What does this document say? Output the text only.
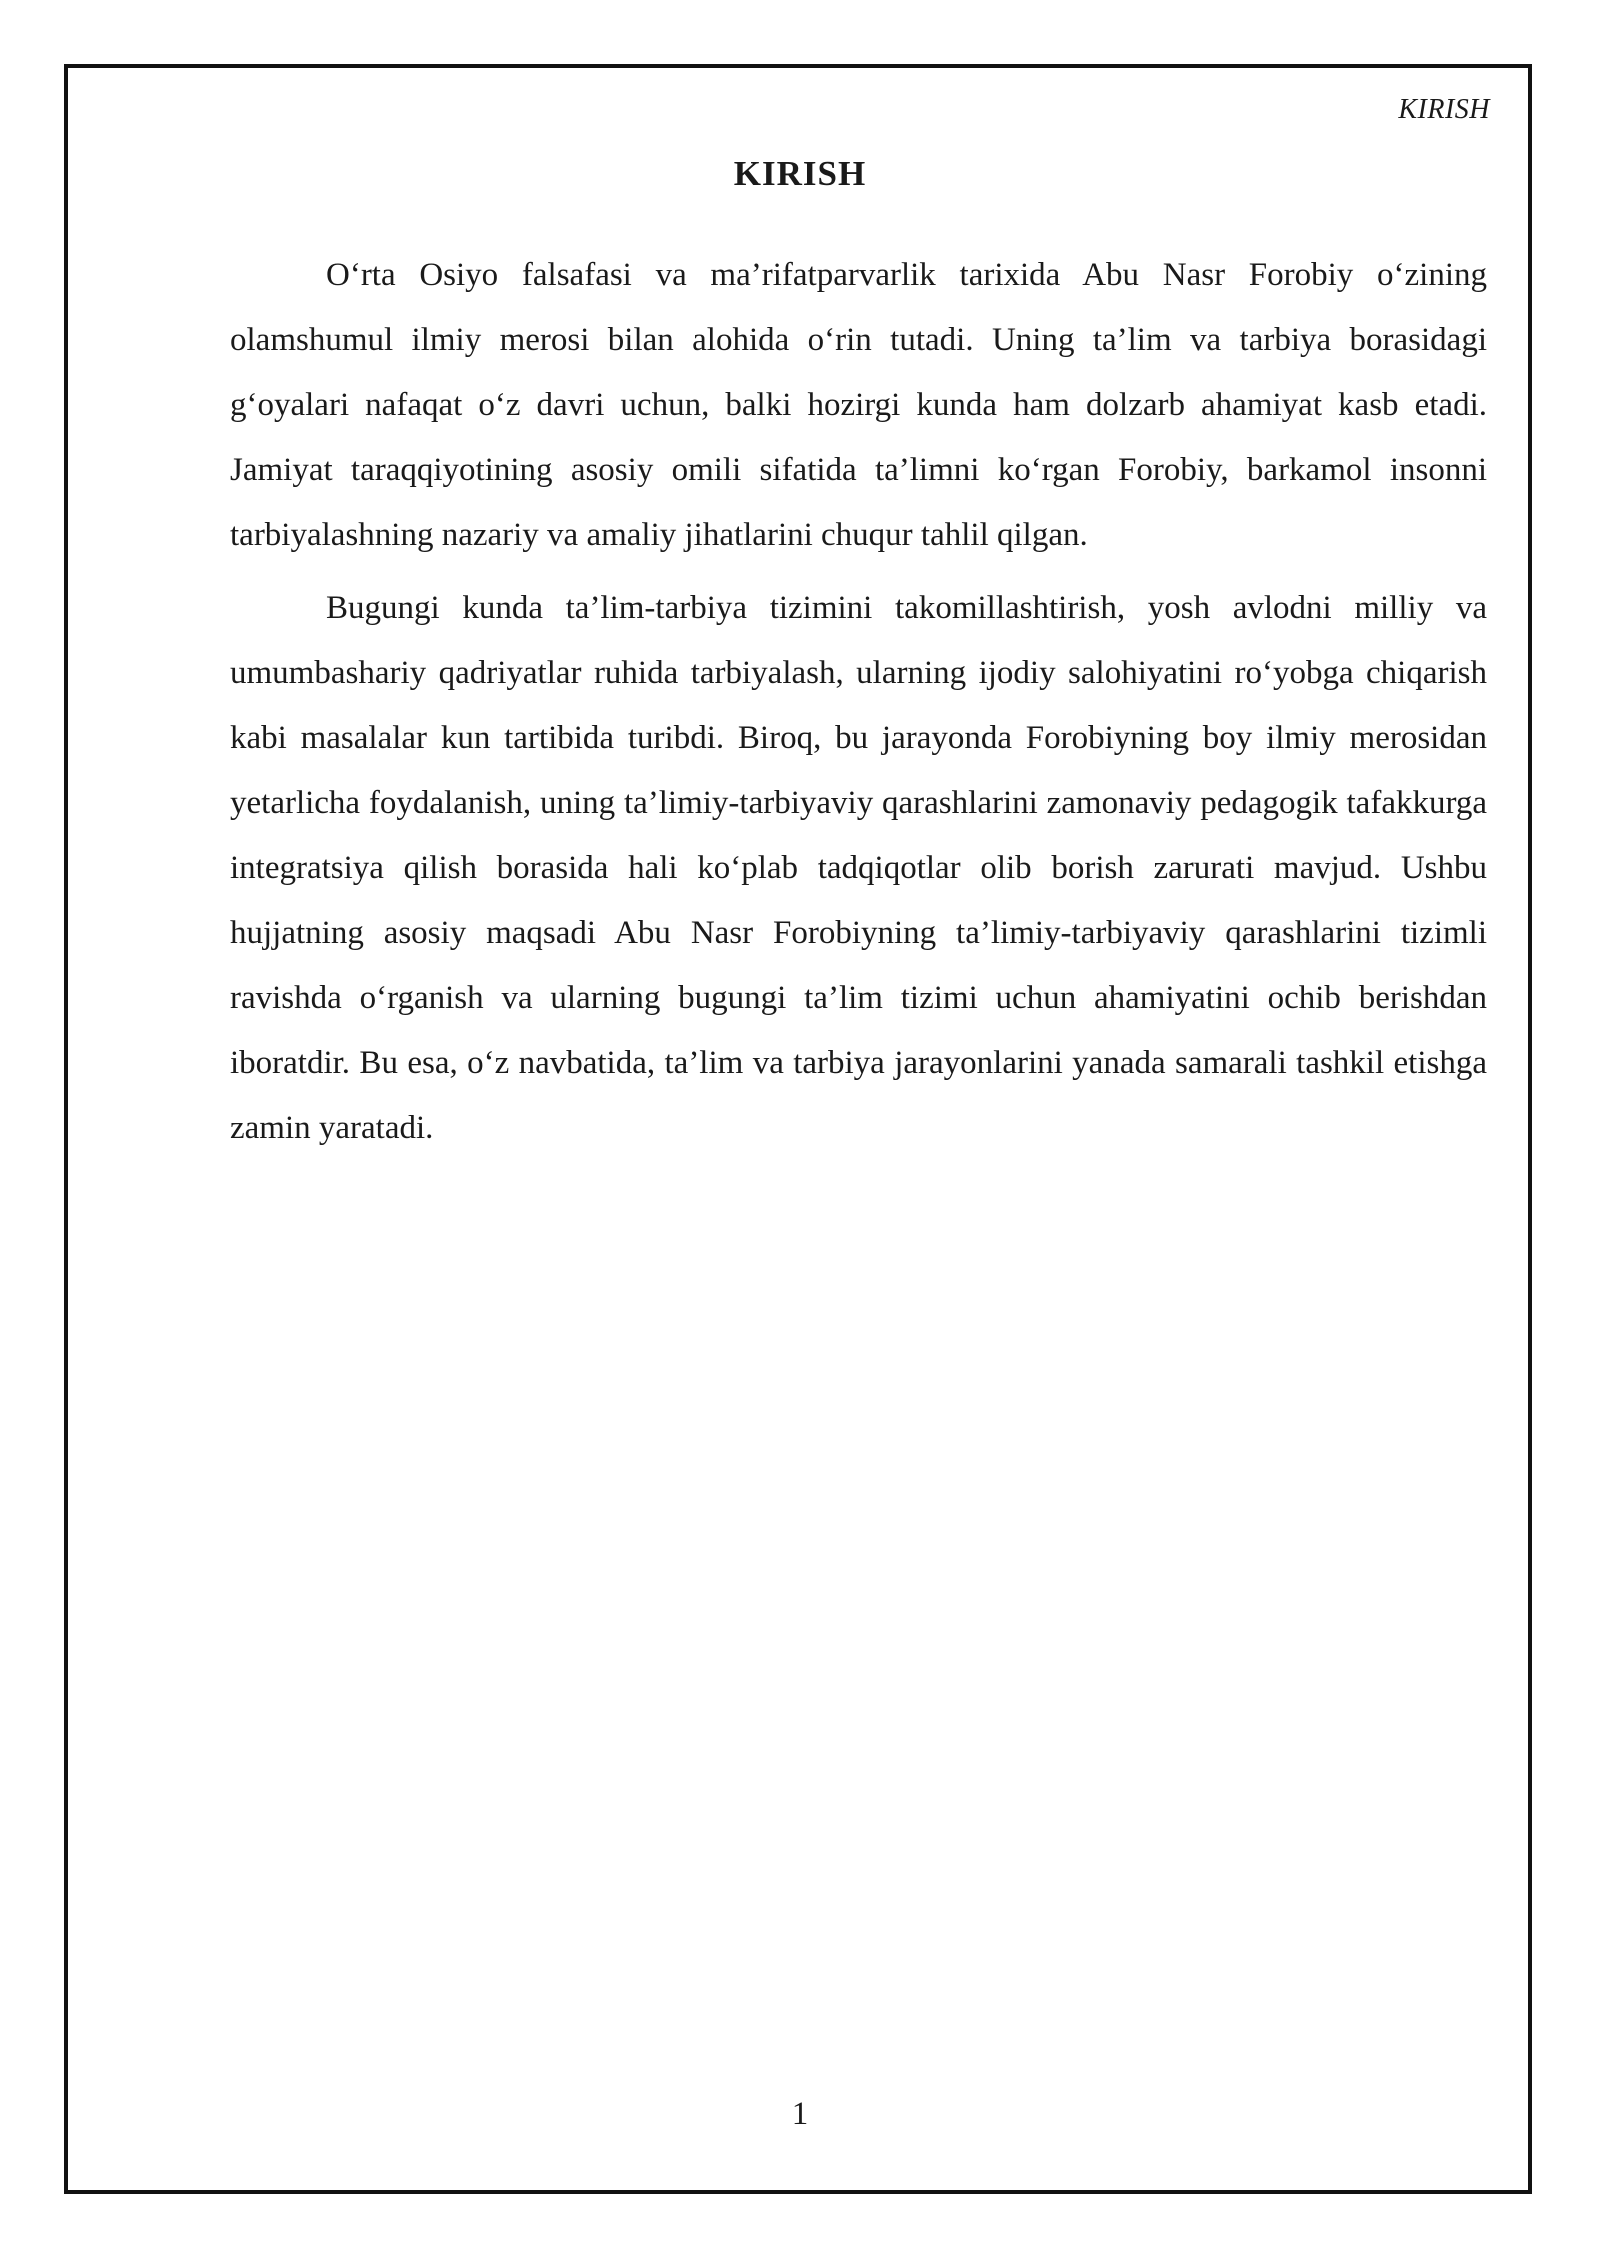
KIRISH
KIRISH

O‘rta Osiyo falsafasi va ma’rifatparvarlik tarixida Abu Nasr Forobiy o‘zining olamshumul ilmiy merosi bilan alohida o‘rin tutadi. Uning ta’lim va tarbiya borasidagi g‘oyalari nafaqat o‘z davri uchun, balki hozirgi kunda ham dolzarb ahamiyat kasb etadi. Jamiyat taraqqiyotining asosiy omili sifatida ta’limni ko‘rgan Forobiy, barkamol insonni tarbiyalashning nazariy va amaliy jihatlarini chuqur tahlil qilgan.

Bugungi kunda ta’lim-tarbiya tizimini takomillashtirish, yosh avlodni milliy va umumbashariy qadriyatlar ruhida tarbiyalash, ularning ijodiy salohiyatini ro‘yobga chiqarish kabi masalalar kun tartibida turibdi. Biroq, bu jarayonda Forobiyning boy ilmiy merosidan yetarlicha foydalanish, uning ta’limiy-tarbiyaviy qarashlarini zamonaviy pedagogik tafakkurga integratsiya qilish borasida hali ko‘plab tadqiqotlar olib borish zarurati mavjud. Ushbu hujjatning asosiy maqsadi Abu Nasr Forobiyning ta’limiy-tarbiyaviy qarashlarini tizimli ravishda o‘rganish va ularning bugungi ta’lim tizimi uchun ahamiyatini ochib berishdan iboratdir. Bu esa, o‘z navbatida, ta’lim va tarbiya jarayonlarini yanada samarali tashkil etishga zamin yaratadi.

1
